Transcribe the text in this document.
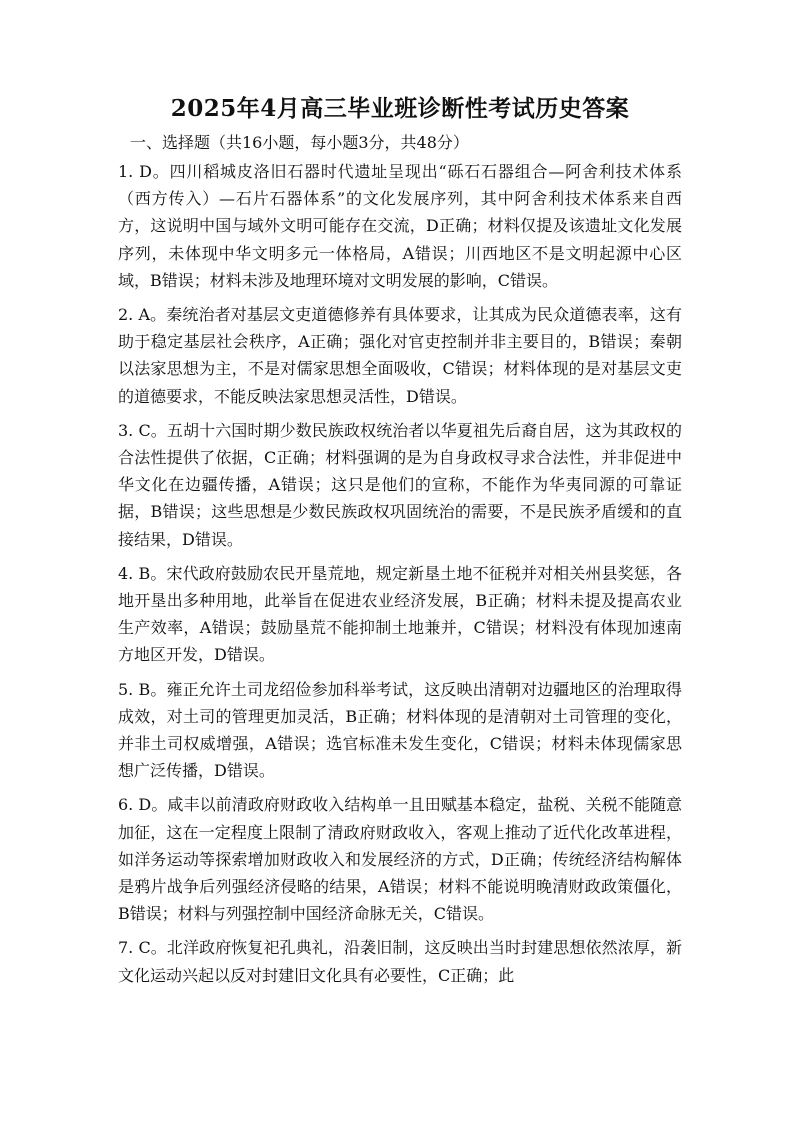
2025年4月高三毕业班诊断性考试历史答案
一、选择题（共16小题，每小题3分，共48分）

1. D。四川稻城皮洛旧石器时代遗址呈现出“砾石石器组合—阿舍利技术体系（西方传入）—石片石器体系”的文化发展序列，其中阿舍利技术体系来自西方，这说明中国与域外文明可能存在交流，D正确；材料仅提及该遗址文化发展序列，未体现中华文明多元一体格局，A错误；川西地区不是文明起源中心区域，B错误；材料未涉及地理环境对文明发展的影响，C错误。

2. A。秦统治者对基层文吏道德修养有具体要求，让其成为民众道德表率，这有助于稳定基层社会秩序，A正确；强化对官吏控制并非主要目的，B错误；秦朝以法家思想为主，不是对儒家思想全面吸收，C错误；材料体现的是对基层文吏的道德要求，不能反映法家思想灵活性，D错误。

3. C。五胡十六国时期少数民族政权统治者以华夏祖先后裔自居，这为其政权的合法性提供了依据，C正确；材料强调的是为自身政权寻求合法性，并非促进中华文化在边疆传播，A错误；这只是他们的宣称，不能作为华夷同源的可靠证据，B错误；这些思想是少数民族政权巩固统治的需要，不是民族矛盾缓和的直接结果，D错误。

4. B。宋代政府鼓励农民开垦荒地，规定新垦土地不征税并对相关州县奖惩，各地开垦出多种用地，此举旨在促进农业经济发展，B正确；材料未提及提高农业生产效率，A错误；鼓励垦荒不能抑制土地兼并，C错误；材料没有体现加速南方地区开发，D错误。

5. B。雍正允许土司龙绍俭参加科举考试，这反映出清朝对边疆地区的治理取得成效，对土司的管理更加灵活，B正确；材料体现的是清朝对土司管理的变化，并非土司权威增强，A错误；选官标准未发生变化，C错误；材料未体现儒家思想广泛传播，D错误。

6. D。咸丰以前清政府财政收入结构单一且田赋基本稳定，盐税、关税不能随意加征，这在一定程度上限制了清政府财政收入，客观上推动了近代化改革进程，如洋务运动等探索增加财政收入和发展经济的方式，D正确；传统经济结构解体是鸦片战争后列强经济侵略的结果，A错误；材料不能说明晚清财政政策僵化，B错误；材料与列强控制中国经济命脉无关，C错误。

7. C。北洋政府恢复祀孔典礼，沿袭旧制，这反映出当时封建思想依然浓厚，新文化运动兴起以反对封建旧文化具有必要性，C正确；此
